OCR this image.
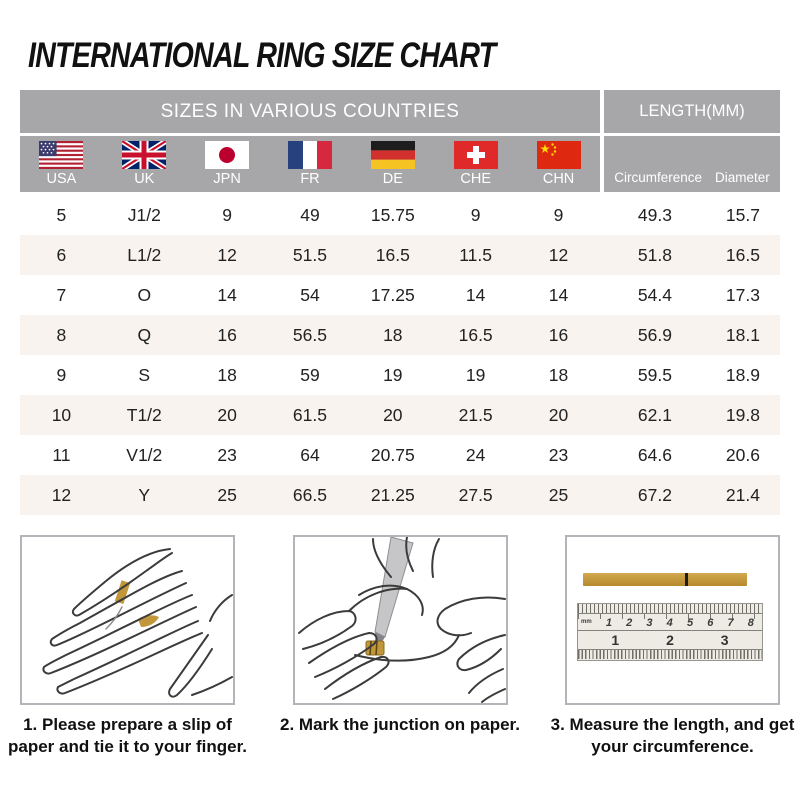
INTERNATIONAL RING SIZE CHART
SIZES IN VARIOUS COUNTRIES
USA	UK	JPN	FR	DE	CHE	CHN
LENGTH(MM)
Circumference Diameter
5	J1/2	9	49	15.75	9	9	49.3	15.7
6	L1/2	12	51.5	16.5	11.5	12	51.8	16.5
7	O	14	54	17.25	14	14	54.4	17.3
8	Q	16	56.5	18	16.5	16	56.9	18.1
9	S	18	59	19	19	18	59.5	18.9
10	T1/2	20	61.5	20	21.5	20	62.1	19.8
11	V1/2	23	64	20.75	24	23	64.6	20.6
12	Y	25	66.5	21.25	27.5	25	67.2	21.4
1. Please prepare a slip of paper and tie it to your finger.
2. Mark the junction on paper.
mm 1 2 3 4 5 6 7 8
1	2	3
3. Measure the length, and get your circumference.
